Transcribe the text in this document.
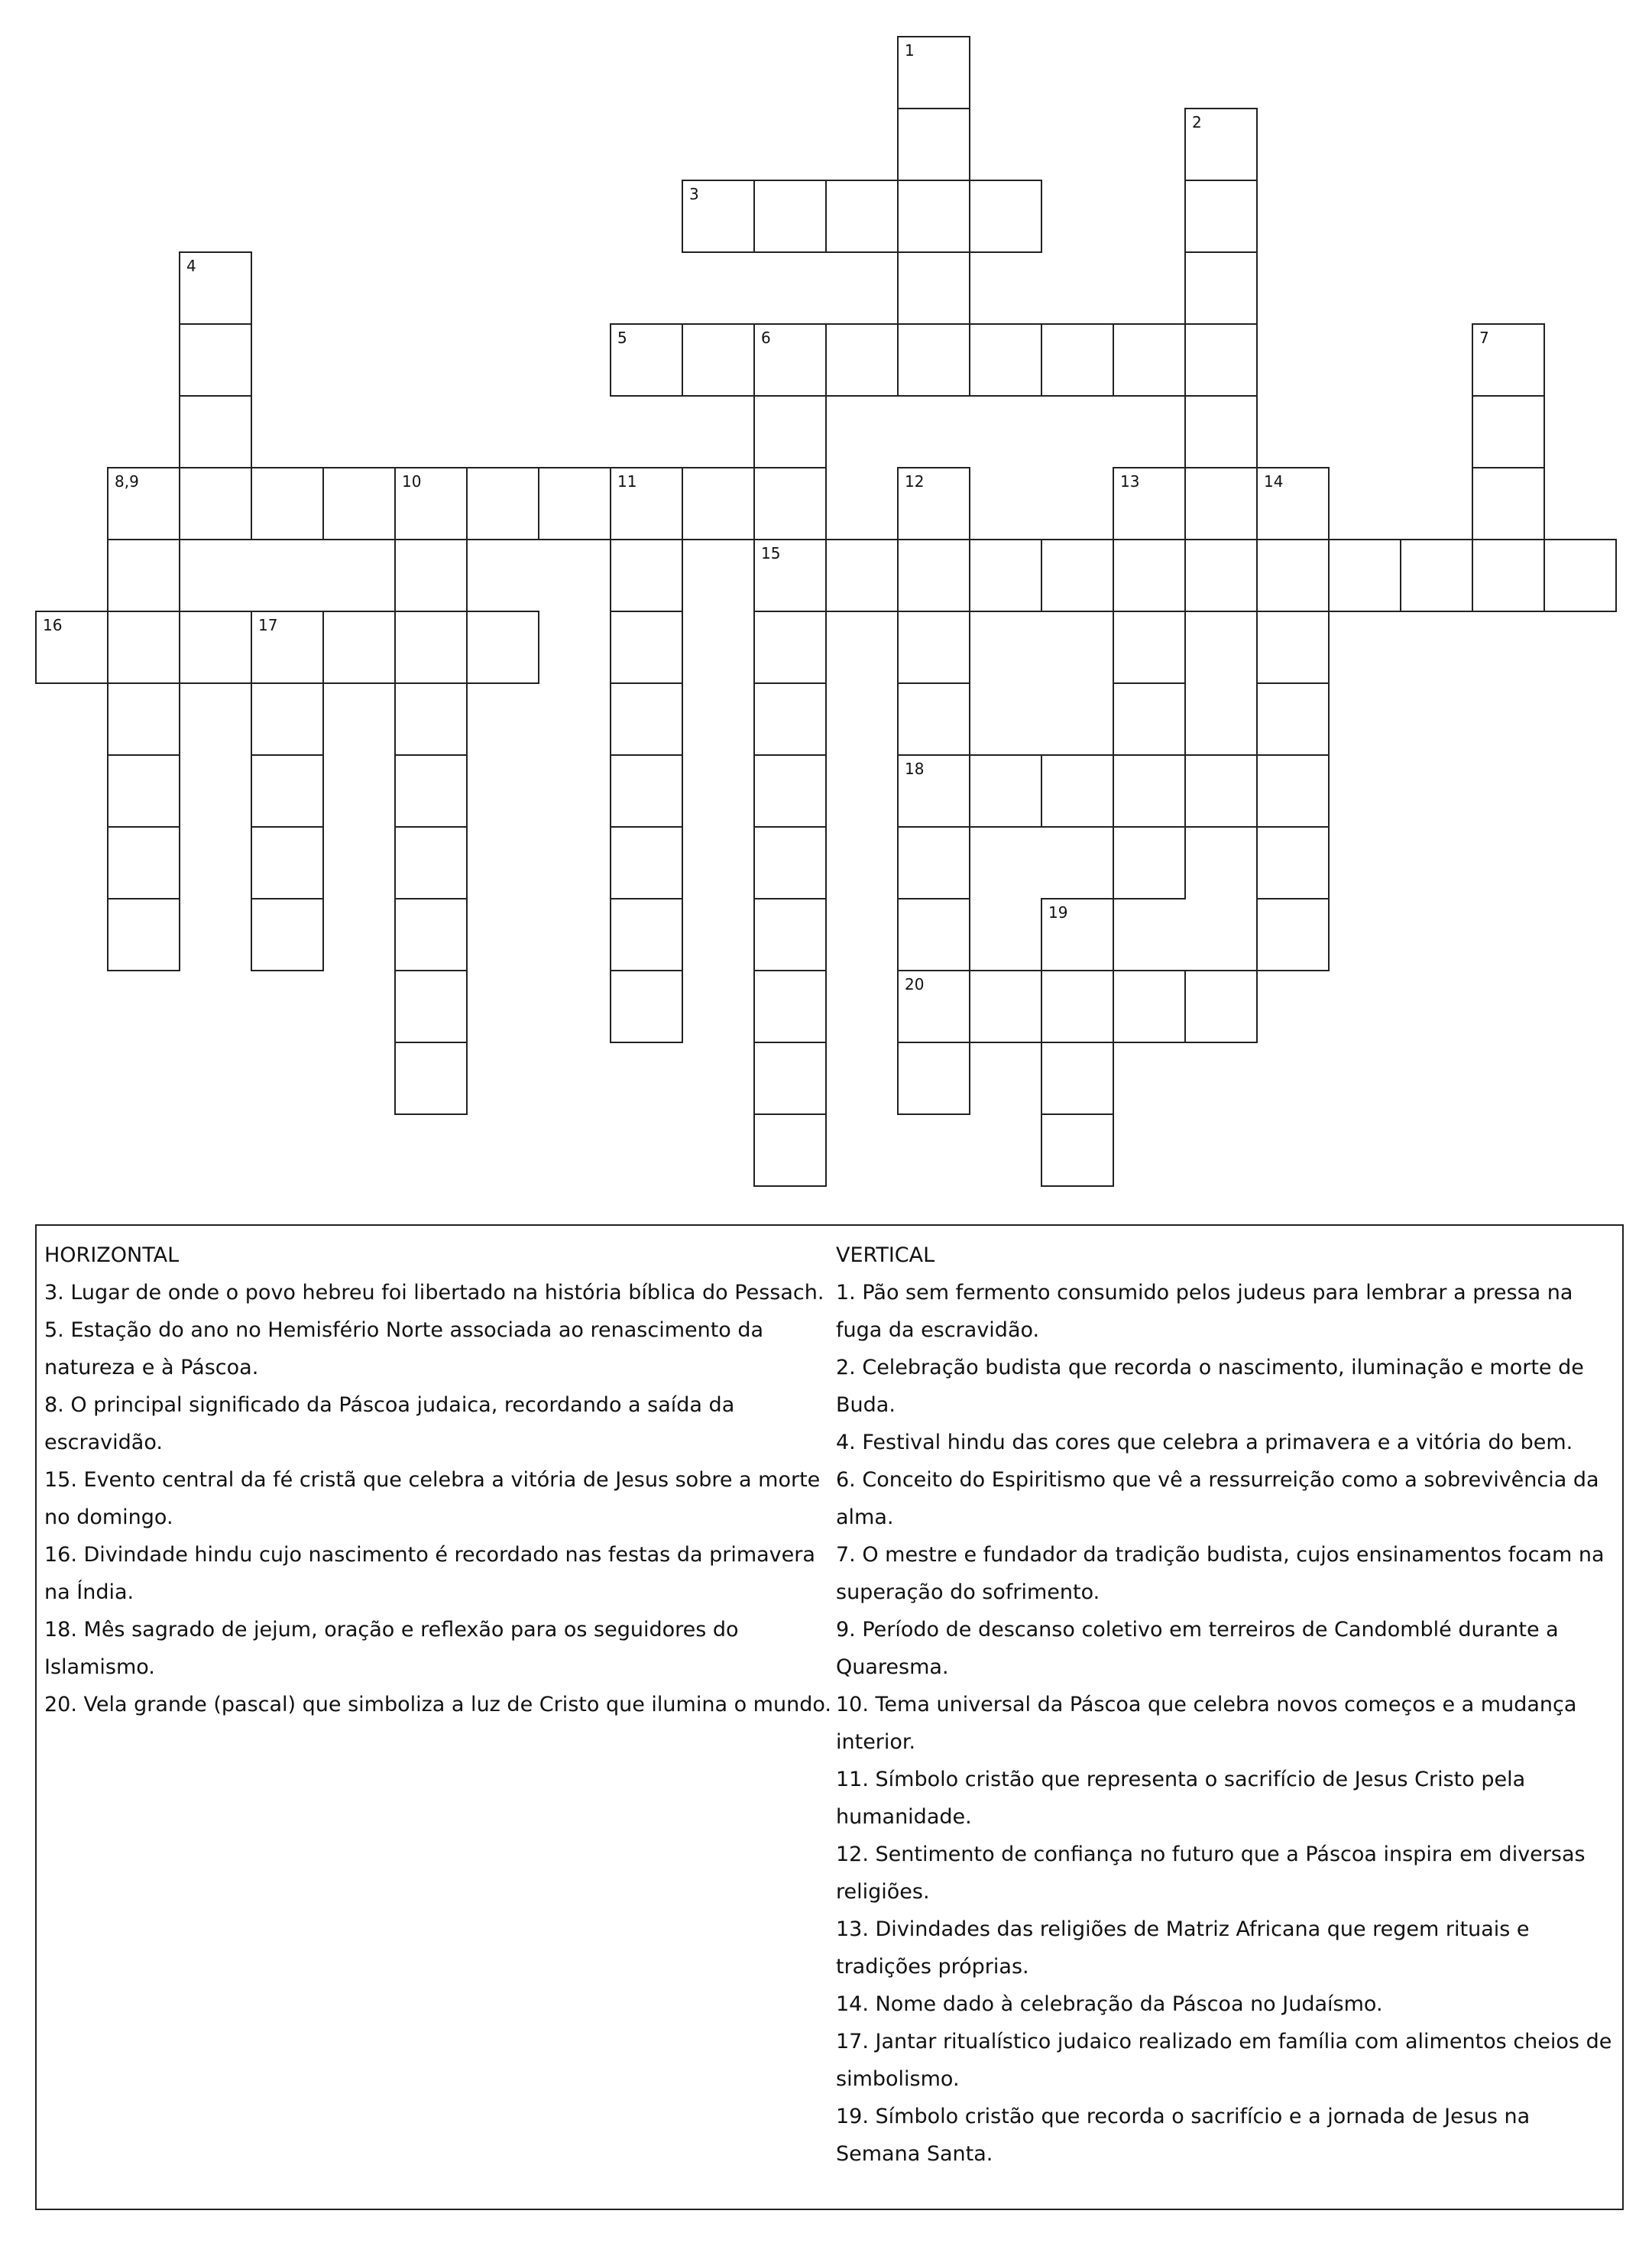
1
2
3
4
5	6	7
8,9	10	11	12	13	14
15
16	17
18
19
20

HORIZONTAL

3. Lugar de onde o povo hebreu foi libertado na história bíblica do Pessach.

5. Estação do ano no Hemisfério Norte associada ao renascimento da natureza e à Páscoa.

8. O principal significado da Páscoa judaica, recordando a saída da escravidão.

15. Evento central da fé cristã que celebra a vitória de Jesus sobre a morte no domingo.

16. Divindade hindu cujo nascimento é recordado nas festas da primavera na Índia.

18. Mês sagrado de jejum, oração e reflexão para os seguidores do Islamismo.

20. Vela grande (pascal) que simboliza a luz de Cristo que ilumina o mundo.

VERTICAL

1. Pão sem fermento consumido pelos judeus para lembrar a pressa na fuga da escravidão.

2. Celebração budista que recorda o nascimento, iluminação e morte de Buda.

4. Festival hindu das cores que celebra a primavera e a vitória do bem.

6. Conceito do Espiritismo que vê a ressurreição como a sobrevivência da alma.

7. O mestre e fundador da tradição budista, cujos ensinamentos focam na superação do sofrimento.

9. Período de descanso coletivo em terreiros de Candomblé durante a Quaresma.

10. Tema universal da Páscoa que celebra novos começos e a mudança interior.

11. Símbolo cristão que representa o sacrifício de Jesus Cristo pela humanidade.

12. Sentimento de confiança no futuro que a Páscoa inspira em diversas religiões.

13. Divindades das religiões de Matriz Africana que regem rituais e tradições próprias.

14. Nome dado à celebração da Páscoa no Judaísmo.

17. Jantar ritualístico judaico realizado em família com alimentos cheios de simbolismo.

19. Símbolo cristão que recorda o sacrifício e a jornada de Jesus na Semana Santa.
